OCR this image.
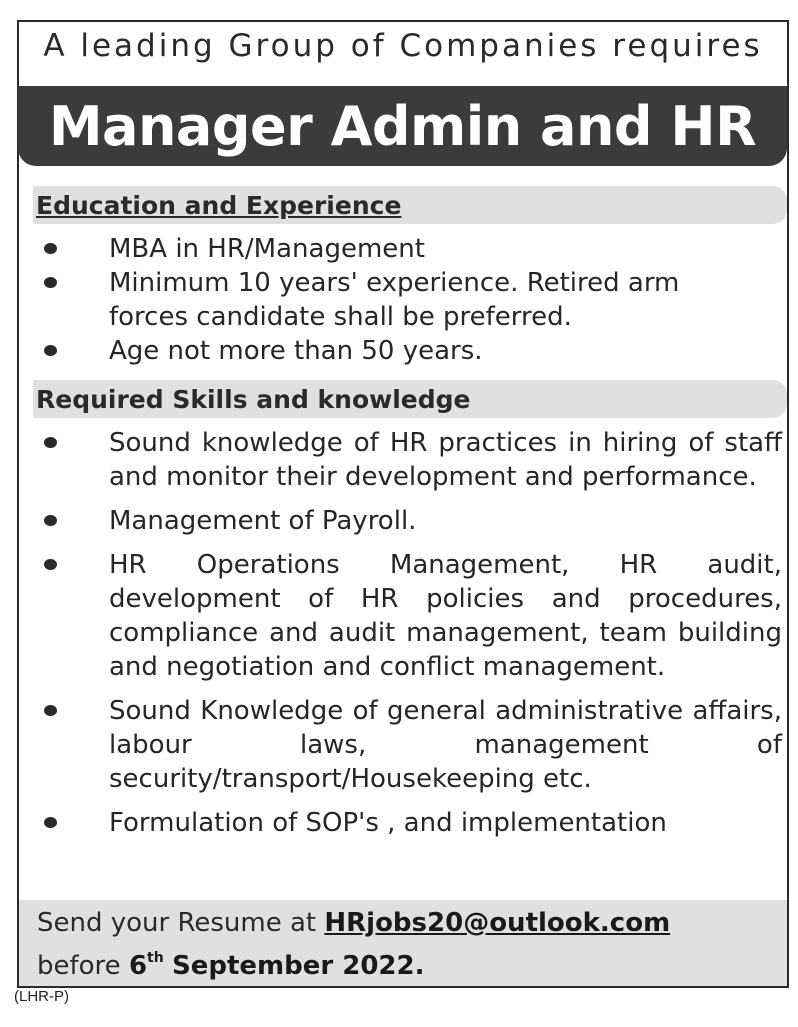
A leading Group of Companies requires
Manager Admin and HR
Education and Experience
MBA in HR/Management
Minimum 10 years' experience. Retired arm forces candidate shall be preferred.
Age not more than 50 years.
Required Skills and knowledge
Sound knowledge of HR practices in hiring of staff and monitor their development and performance.
Management of Payroll.
HR Operations Management, HR audit, development of HR policies and procedures, compliance and audit management, team building and negotiation and conflict management.
Sound Knowledge of general administrative affairs, labour laws, management of security/transport/Housekeeping etc.
Formulation of SOP's , and implementation
Send your Resume at HRjobs20@outlook.com
before 6th September 2022.
(LHR-P)
